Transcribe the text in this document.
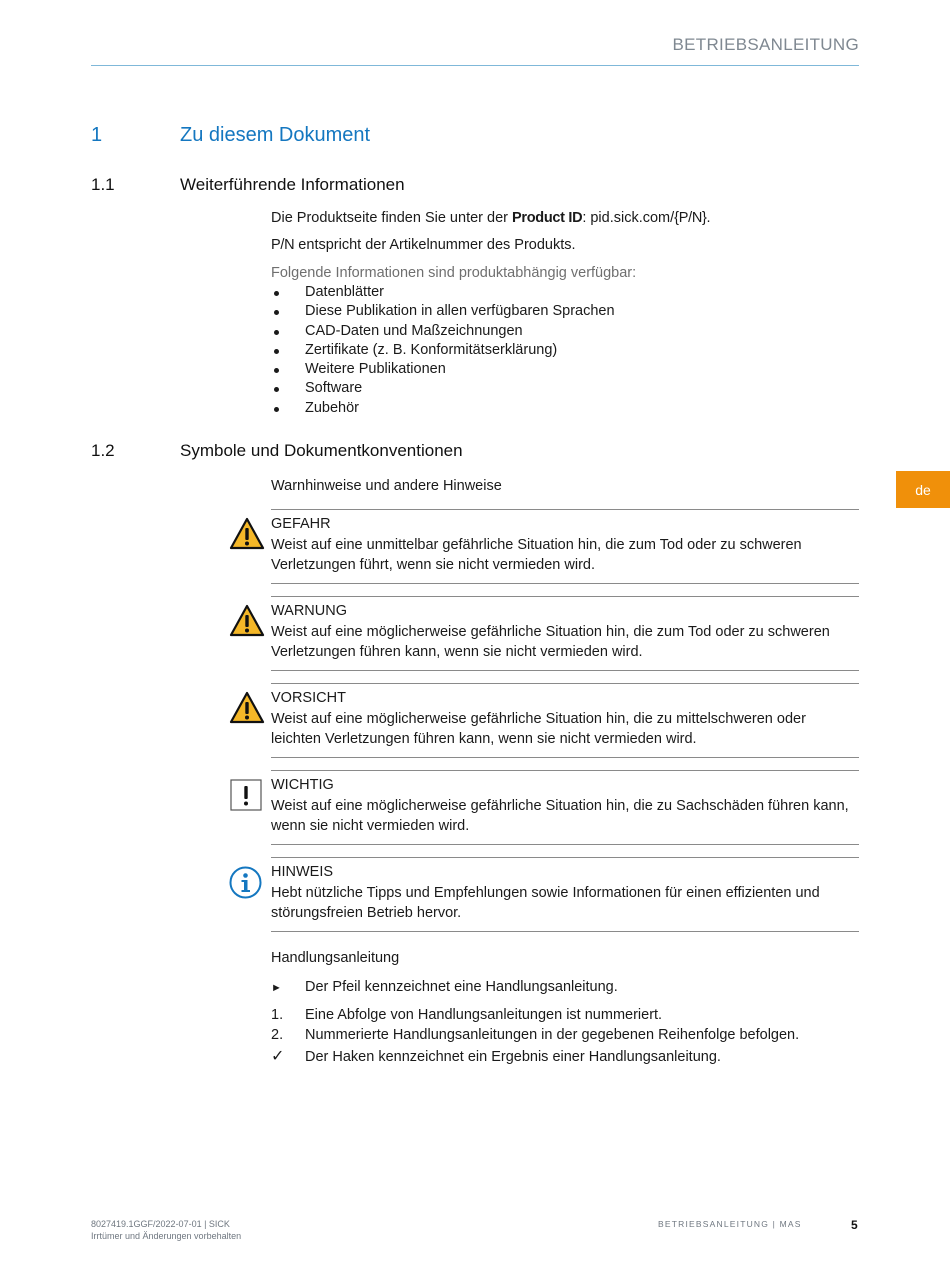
BETRIEBSANLEITUNG
1	Zu diesem Dokument
1.1	Weiterführende Informationen
Die Produktseite finden Sie unter der Product ID: pid.sick.com/{P/N}.
P/N entspricht der Artikelnummer des Produkts.
Folgende Informationen sind produktabhängig verfügbar:
Datenblätter
Diese Publikation in allen verfügbaren Sprachen
CAD-Daten und Maßzeichnungen
Zertifikate (z. B. Konformitätserklärung)
Weitere Publikationen
Software
Zubehör
1.2	Symbole und Dokumentkonventionen
Warnhinweise und andere Hinweise
GEFAHR
Weist auf eine unmittelbar gefährliche Situation hin, die zum Tod oder zu schweren Verletzungen führt, wenn sie nicht vermieden wird.
WARNUNG
Weist auf eine möglicherweise gefährliche Situation hin, die zum Tod oder zu schweren Verletzungen führen kann, wenn sie nicht vermieden wird.
VORSICHT
Weist auf eine möglicherweise gefährliche Situation hin, die zu mittelschweren oder leichten Verletzungen führen kann, wenn sie nicht vermieden wird.
WICHTIG
Weist auf eine möglicherweise gefährliche Situation hin, die zu Sachschäden führen kann, wenn sie nicht vermieden wird.
HINWEIS
Hebt nützliche Tipps und Empfehlungen sowie Informationen für einen effizienten und störungsfreien Betrieb hervor.
Handlungsanleitung
► Der Pfeil kennzeichnet eine Handlungsanleitung.
1. Eine Abfolge von Handlungsanleitungen ist nummeriert.
2. Nummerierte Handlungsanleitungen in der gegebenen Reihenfolge befolgen.
✓ Der Haken kennzeichnet ein Ergebnis einer Handlungsanleitung.
de
8027419.1GGF/2022-07-01 | SICK
Irrtümer und Änderungen vorbehalten
BETRIEBSANLEITUNG | MAS	5
